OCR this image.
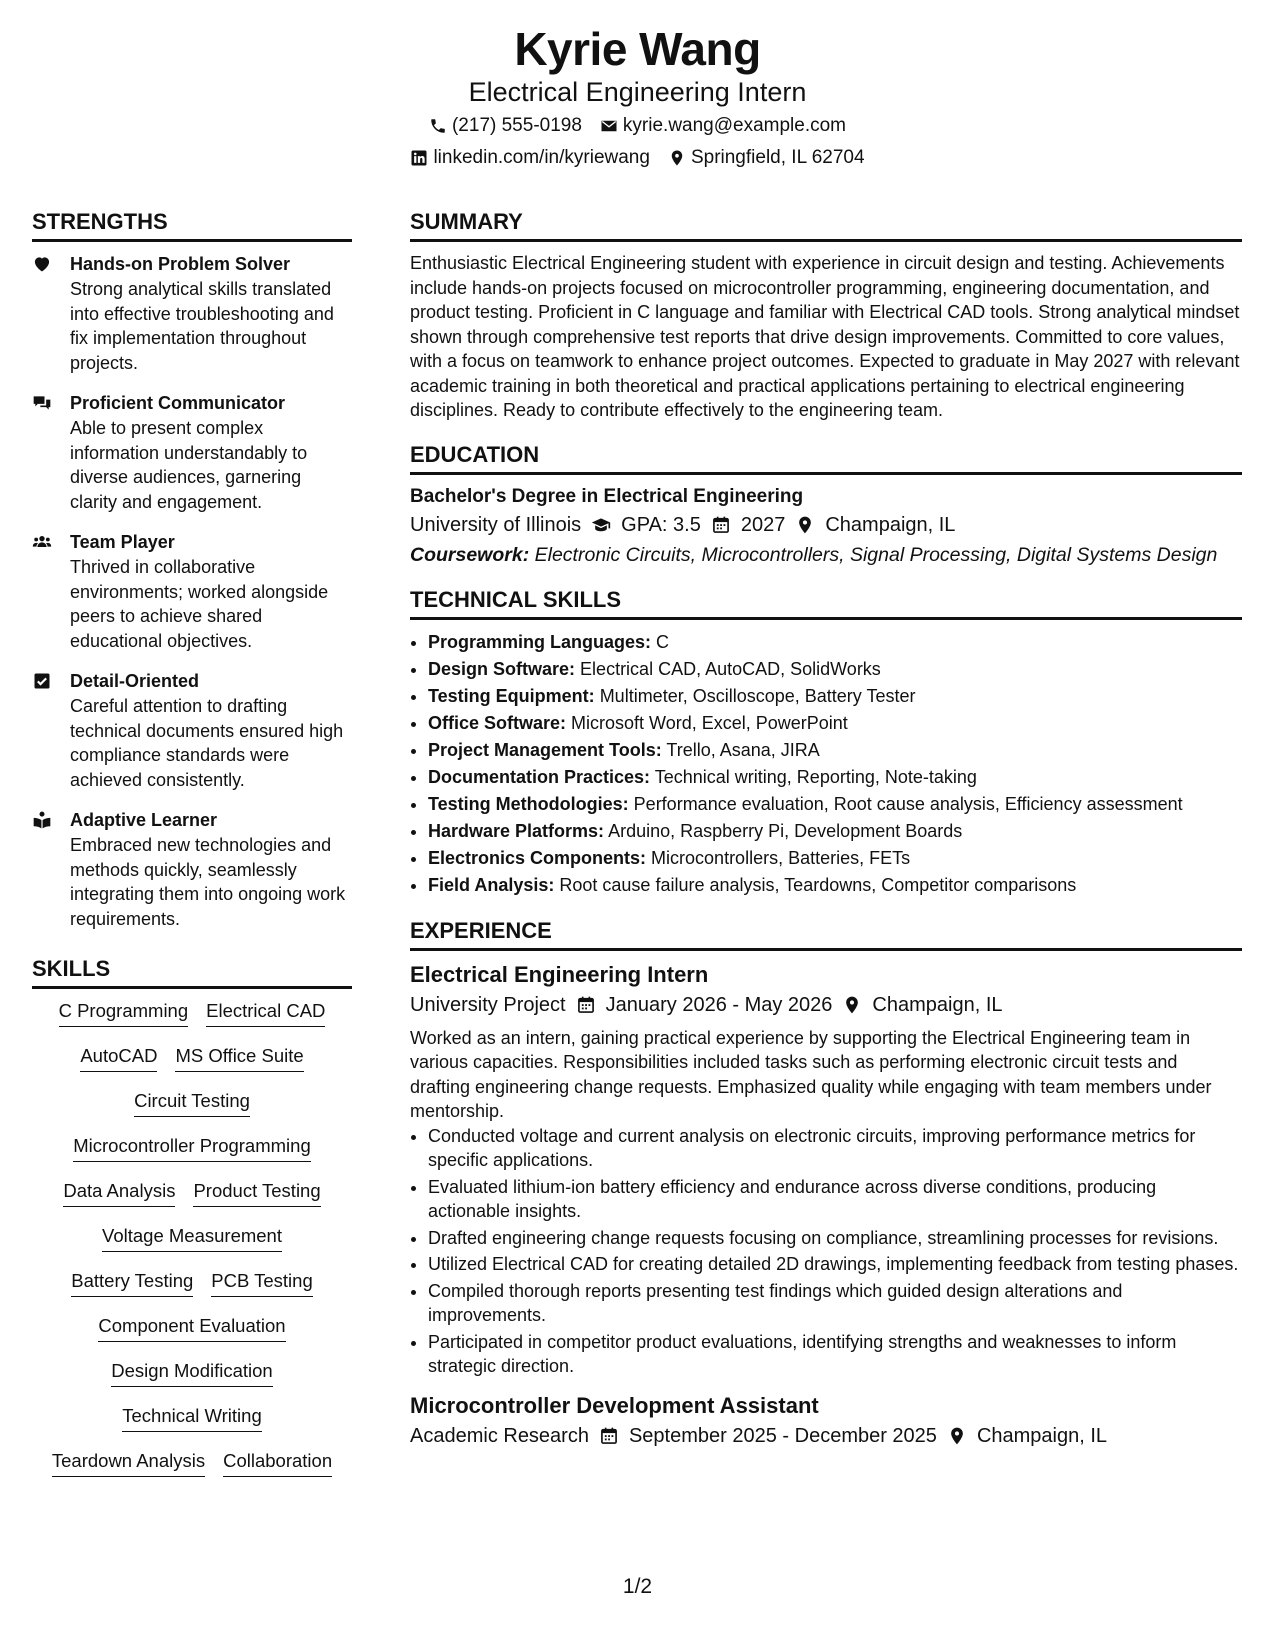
Kyrie Wang
Electrical Engineering Intern
(217) 555-0198 kyrie.wang@example.com
linkedin.com/in/kyriewang Springfield, IL 62704
STRENGTHS
Hands-on Problem Solver
Strong analytical skills translated into effective troubleshooting and fix implementation throughout projects.
Proficient Communicator
Able to present complex information understandably to diverse audiences, garnering clarity and engagement.
Team Player
Thrived in collaborative environments; worked alongside peers to achieve shared educational objectives.
Detail-Oriented
Careful attention to drafting technical documents ensured high compliance standards were achieved consistently.
Adaptive Learner
Embraced new technologies and methods quickly, seamlessly integrating them into ongoing work requirements.
SKILLS
C Programming Electrical CAD
AutoCAD MS Office Suite
Circuit Testing
Microcontroller Programming
Data Analysis Product Testing
Voltage Measurement
Battery Testing PCB Testing
Component Evaluation
Design Modification
Technical Writing
Teardown Analysis Collaboration
SUMMARY
Enthusiastic Electrical Engineering student with experience in circuit design and testing. Achievements include hands-on projects focused on microcontroller programming, engineering documentation, and product testing. Proficient in C language and familiar with Electrical CAD tools. Strong analytical mindset shown through comprehensive test reports that drive design improvements. Committed to core values, with a focus on teamwork to enhance project outcomes. Expected to graduate in May 2027 with relevant academic training in both theoretical and practical applications pertaining to electrical engineering disciplines. Ready to contribute effectively to the engineering team.
EDUCATION
Bachelor's Degree in Electrical Engineering
University of Illinois GPA: 3.5 2027 Champaign, IL
Coursework: Electronic Circuits, Microcontrollers, Signal Processing, Digital Systems Design
TECHNICAL SKILLS
• Programming Languages: C
• Design Software: Electrical CAD, AutoCAD, SolidWorks
• Testing Equipment: Multimeter, Oscilloscope, Battery Tester
• Office Software: Microsoft Word, Excel, PowerPoint
• Project Management Tools: Trello, Asana, JIRA
• Documentation Practices: Technical writing, Reporting, Note-taking
• Testing Methodologies: Performance evaluation, Root cause analysis, Efficiency assessment
• Hardware Platforms: Arduino, Raspberry Pi, Development Boards
• Electronics Components: Microcontrollers, Batteries, FETs
• Field Analysis: Root cause failure analysis, Teardowns, Competitor comparisons
EXPERIENCE
Electrical Engineering Intern
University Project January 2026 - May 2026 Champaign, IL
Worked as an intern, gaining practical experience by supporting the Electrical Engineering team in various capacities. Responsibilities included tasks such as performing electronic circuit tests and drafting engineering change requests. Emphasized quality while engaging with team members under mentorship.
• Conducted voltage and current analysis on electronic circuits, improving performance metrics for specific applications.
• Evaluated lithium-ion battery efficiency and endurance across diverse conditions, producing actionable insights.
• Drafted engineering change requests focusing on compliance, streamlining processes for revisions.
• Utilized Electrical CAD for creating detailed 2D drawings, implementing feedback from testing phases.
• Compiled thorough reports presenting test findings which guided design alterations and improvements.
• Participated in competitor product evaluations, identifying strengths and weaknesses to inform strategic direction.
Microcontroller Development Assistant
Academic Research September 2025 - December 2025 Champaign, IL
1/2
